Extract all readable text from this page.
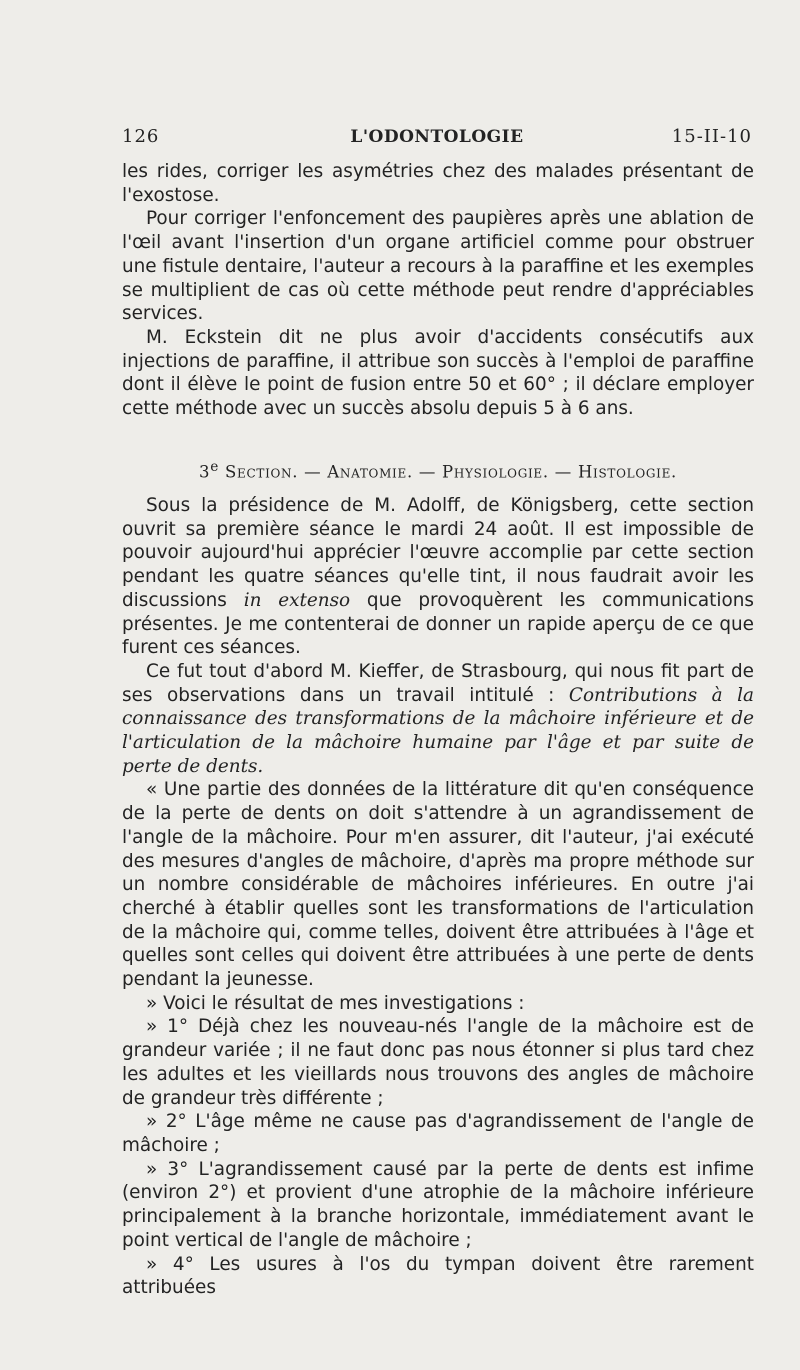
126	L'ODONTOLOGIE	15-II-10

les rides, corriger les asymétries chez des malades présentant de l'exostose.

Pour corriger l'enfoncement des paupières après une ablation de l'œil avant l'insertion d'un organe artificiel comme pour obstruer une fistule dentaire, l'auteur a recours à la paraffine et les exemples se multiplient de cas où cette méthode peut rendre d'appréciables services.

M. Eckstein dit ne plus avoir d'accidents consécutifs aux injections de paraffine, il attribue son succès à l'emploi de paraffine dont il élève le point de fusion entre 50 et 60° ; il déclare employer cette méthode avec un succès absolu depuis 5 à 6 ans.

3e Section. — Anatomie. — Physiologie. — Histologie.

Sous la présidence de M. Adolff, de Königsberg, cette section ouvrit sa première séance le mardi 24 août. Il est impossible de pouvoir aujourd'hui apprécier l'œuvre accomplie par cette section pendant les quatre séances qu'elle tint, il nous faudrait avoir les discussions in extenso que provoquèrent les communications présentes. Je me contenterai de donner un rapide aperçu de ce que furent ces séances.

Ce fut tout d'abord M. Kieffer, de Strasbourg, qui nous fit part de ses observations dans un travail intitulé : Contributions à la connaissance des transformations de la mâchoire inférieure et de l'articulation de la mâchoire humaine par l'âge et par suite de perte de dents.

« Une partie des données de la littérature dit qu'en conséquence de la perte de dents on doit s'attendre à un agrandissement de l'angle de la mâchoire. Pour m'en assurer, dit l'auteur, j'ai exécuté des mesures d'angles de mâchoire, d'après ma propre méthode sur un nombre considérable de mâchoires inférieures. En outre j'ai cherché à établir quelles sont les transformations de l'articulation de la mâchoire qui, comme telles, doivent être attribuées à l'âge et quelles sont celles qui doivent être attribuées à une perte de dents pendant la jeunesse.

» Voici le résultat de mes investigations :

» 1° Déjà chez les nouveau-nés l'angle de la mâchoire est de grandeur variée ; il ne faut donc pas nous étonner si plus tard chez les adultes et les vieillards nous trouvons des angles de mâchoire de grandeur très différente ;

» 2° L'âge même ne cause pas d'agrandissement de l'angle de mâchoire ;

» 3° L'agrandissement causé par la perte de dents est infime (environ 2°) et provient d'une atrophie de la mâchoire inférieure principalement à la branche horizontale, immédiatement avant le point vertical de l'angle de mâchoire ;

» 4° Les usures à l'os du tympan doivent être rarement attribuées
